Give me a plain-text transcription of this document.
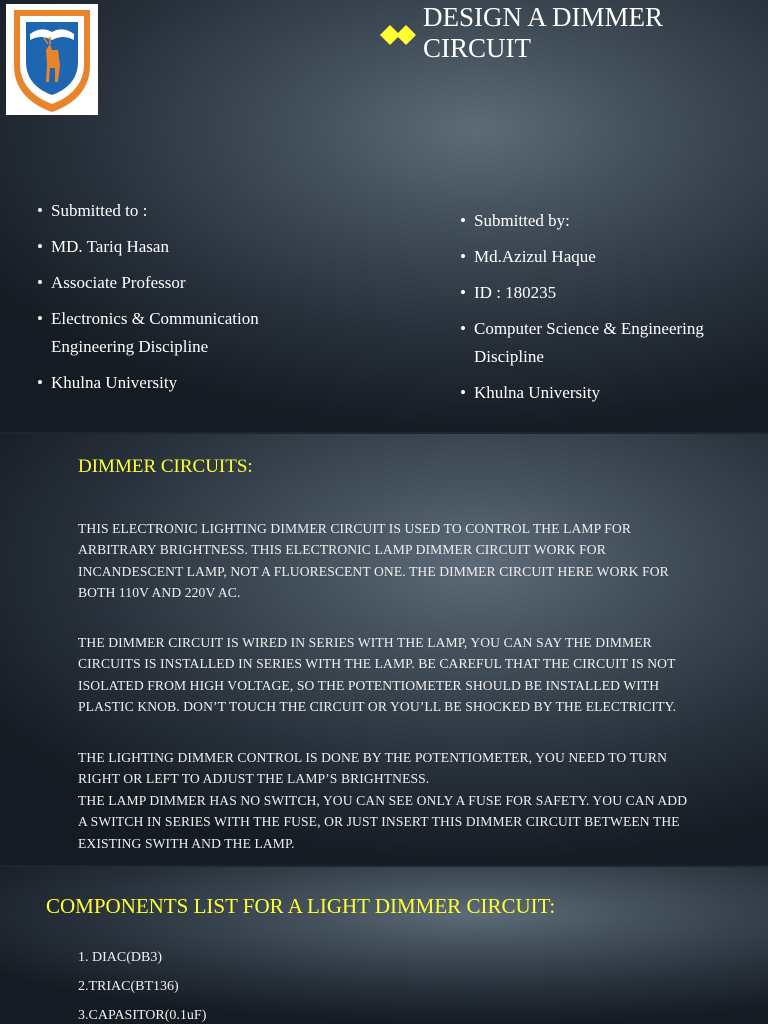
DESIGN A DIMMER CIRCUIT
• Submitted to :
• MD. Tariq Hasan
• Associate Professor
• Electronics & Communication Engineering Discipline
• Khulna University
• Submitted by:
• Md.Azizul Haque
• ID : 180235
• Computer Science & Engineering Discipline
• Khulna University
DIMMER CIRCUITS:
THIS ELECTRONIC LIGHTING DIMMER CIRCUIT IS USED TO CONTROL THE LAMP FOR ARBITRARY BRIGHTNESS. THIS ELECTRONIC LAMP DIMMER CIRCUIT WORK FOR INCANDESCENT LAMP, NOT A FLUORESCENT ONE. THE DIMMER CIRCUIT HERE WORK FOR BOTH 110V AND 220V AC.
THE DIMMER CIRCUIT IS WIRED IN SERIES WITH THE LAMP, YOU CAN SAY THE DIMMER CIRCUITS IS INSTALLED IN SERIES WITH THE LAMP. BE CAREFUL THAT THE CIRCUIT IS NOT ISOLATED FROM HIGH VOLTAGE, SO THE POTENTIOMETER SHOULD BE INSTALLED WITH PLASTIC KNOB. DON’T TOUCH THE CIRCUIT OR YOU’LL BE SHOCKED BY THE ELECTRICITY.
THE LIGHTING DIMMER CONTROL IS DONE BY THE POTENTIOMETER, YOU NEED TO TURN RIGHT OR LEFT TO ADJUST THE LAMP’S BRIGHTNESS.
THE LAMP DIMMER HAS NO SWITCH, YOU CAN SEE ONLY A FUSE FOR SAFETY. YOU CAN ADD A SWITCH IN SERIES WITH THE FUSE, OR JUST INSERT THIS DIMMER CIRCUIT BETWEEN THE EXISTING SWITH AND THE LAMP.
COMPONENTS LIST FOR A LIGHT DIMMER CIRCUIT:
1. DIAC(DB3)
2.TRIAC(BT136)
3.CAPASITOR(0.1uF)
